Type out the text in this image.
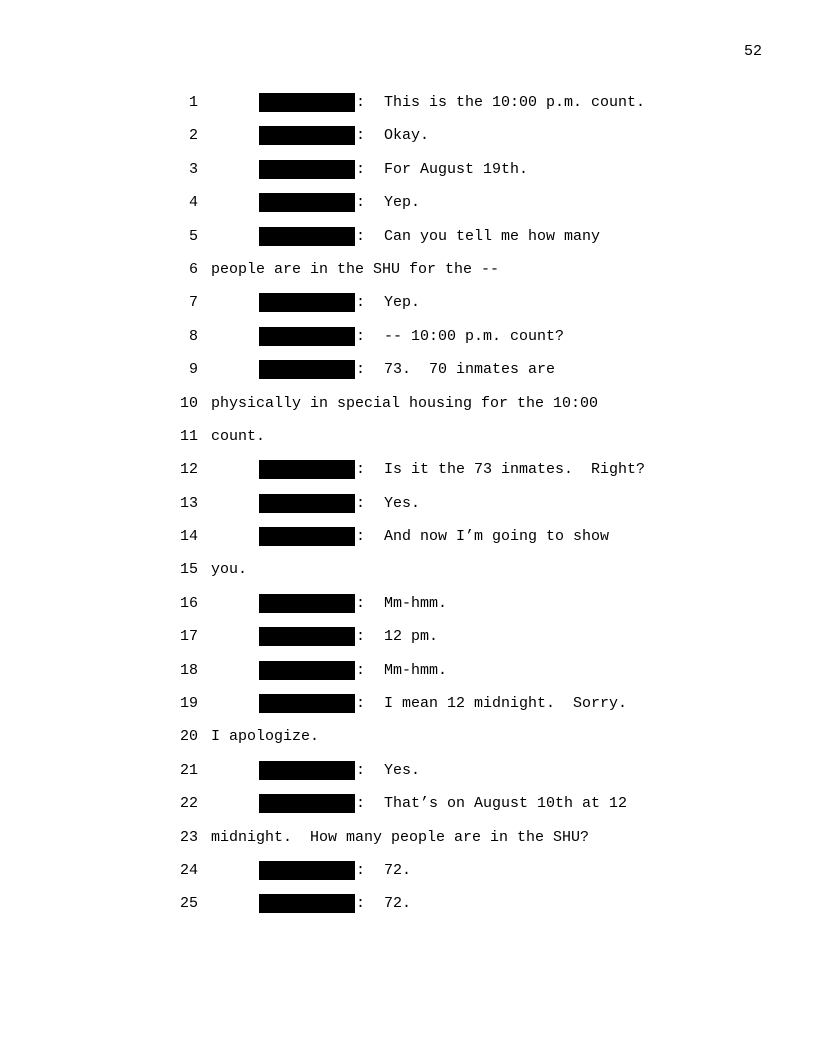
52
1	: This is the 10:00 p.m. count.
2	: Okay.
3	: For August 19th.
4	: Yep.
5	: Can you tell me how many
6 people are in the SHU for the --
7	: Yep.
8	: -- 10:00 p.m. count?
9	: 73.  70 inmates are
10 physically in special housing for the 10:00
11 count.
12	: Is it the 73 inmates.  Right?
13	: Yes.
14	: And now I’m going to show
15 you.
16	: Mm-hmm.
17	: 12 pm.
18	: Mm-hmm.
19	: I mean 12 midnight.  Sorry.
20 I apologize.
21	: Yes.
22	: That’s on August 10th at 12
23 midnight.  How many people are in the SHU?
24	: 72.
25	: 72.
